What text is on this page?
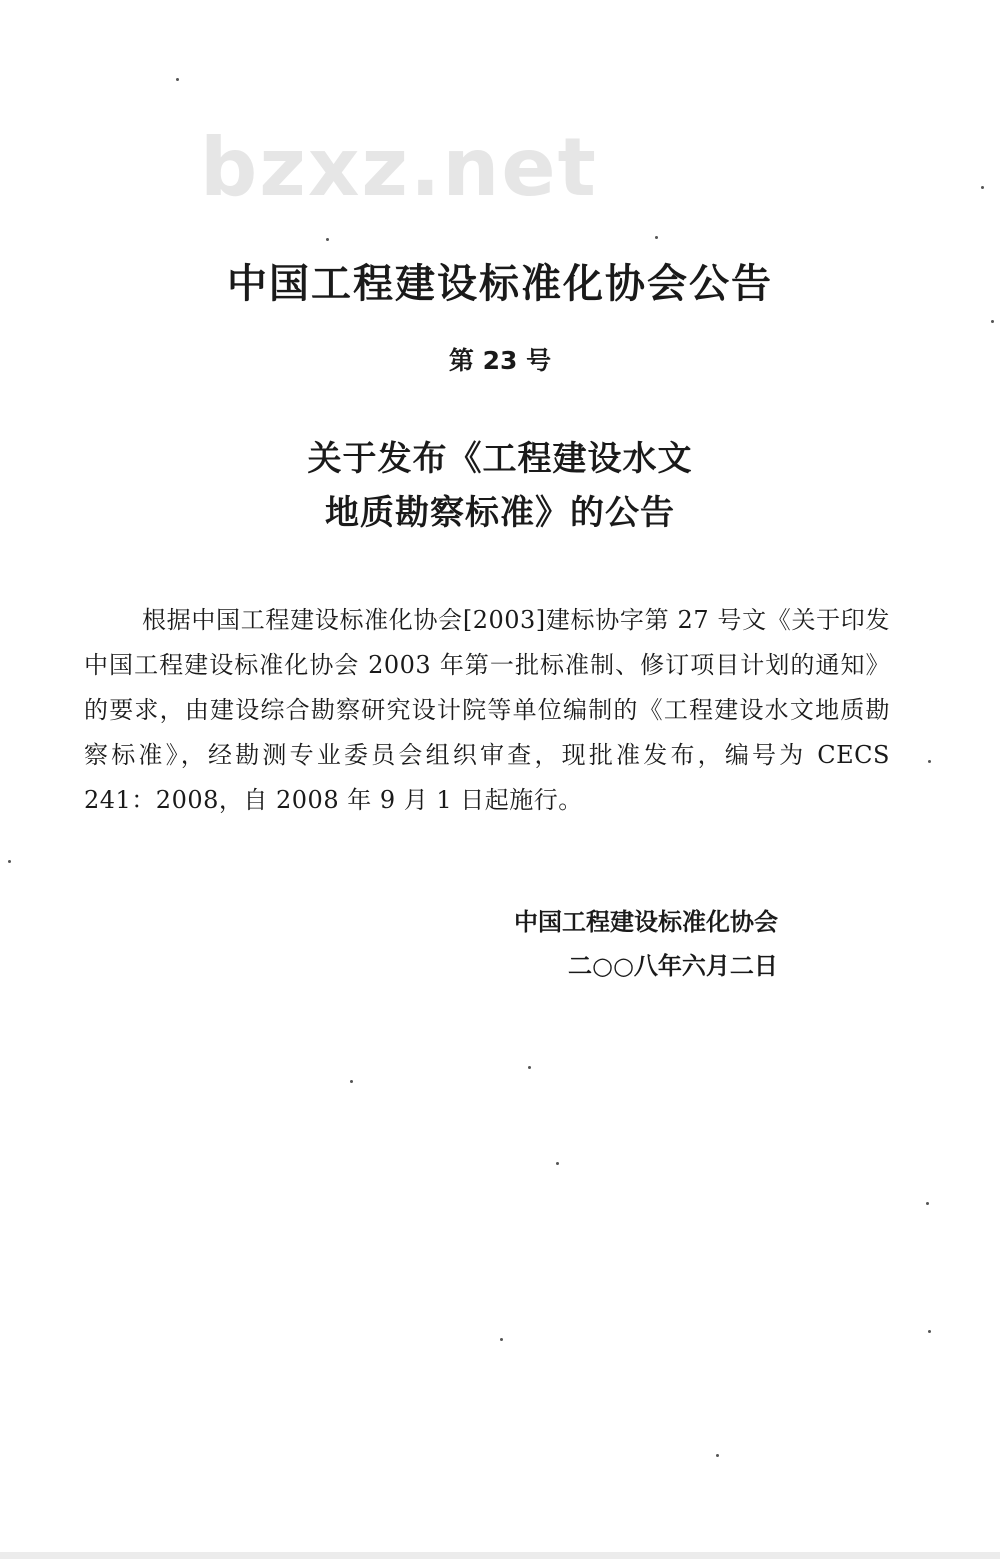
bzxz.net
中国工程建设标准化协会公告

第 23 号

关于发布《工程建设水文
地质勘察标准》的公告

根据中国工程建设标准化协会[2003]建标协字第 27 号文《关于印发中国工程建设标准化协会 2003 年第一批标准制、修订项目计划的通知》的要求，由建设综合勘察研究设计院等单位编制的《工程建设水文地质勘察标准》，经勘测专业委员会组织审查，现批准发布，编号为 CECS 241：2008，自 2008 年 9 月 1 日起施行。

中国工程建设标准化协会

二○○八年六月二日
